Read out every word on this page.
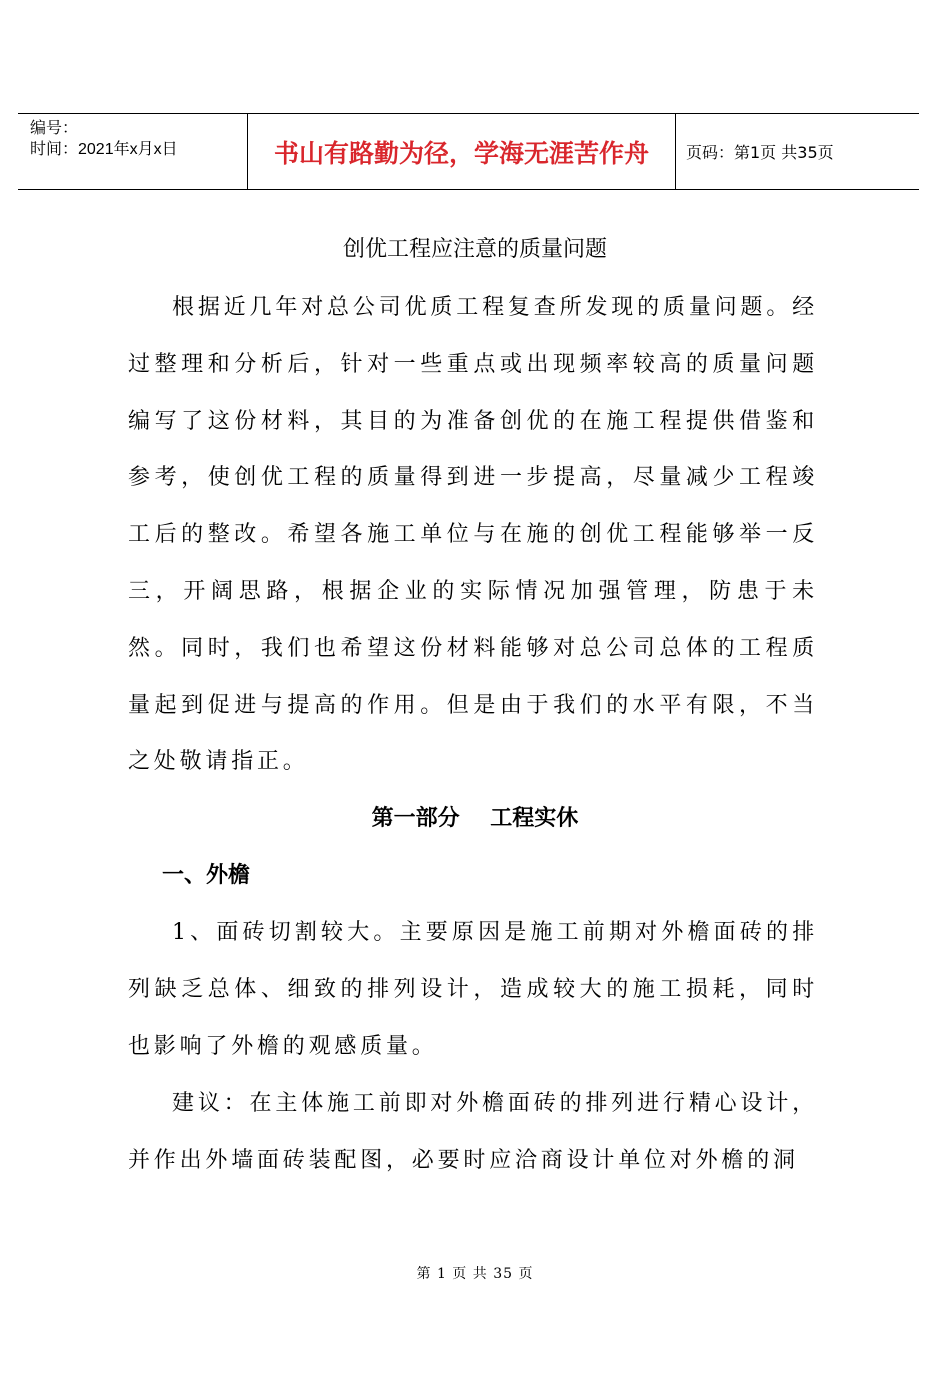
编号：
时间：2021年x月x日	书山有路勤为径，学海无涯苦作舟 页码：第1页 共35页
创优工程应注意的质量问题

根据近几年对总公司优质工程复查所发现的质量问题。经过整理和分析后，针对一些重点或出现频率较高的质量问题编写了这份材料，其目的为准备创优的在施工程提供借鉴和参考，使创优工程的质量得到进一步提高，尽量减少工程竣工后的整改。希望各施工单位与在施的创优工程能够举一反三，开阔思路，根据企业的实际情况加强管理，防患于未然。同时，我们也希望这份材料能够对总公司总体的工程质量起到促进与提高的作用。但是由于我们的水平有限，不当之处敬请指正。

第一部分    工程实休
一、外檐

1、面砖切割较大。主要原因是施工前期对外檐面砖的排列缺乏总体、细致的排列设计，造成较大的施工损耗，同时也影响了外檐的观感质量。

建议：在主体施工前即对外檐面砖的排列进行精心设计，并作出外墙面砖装配图，必要时应洽商设计单位对外檐的洞

第 1 页 共 35 页
